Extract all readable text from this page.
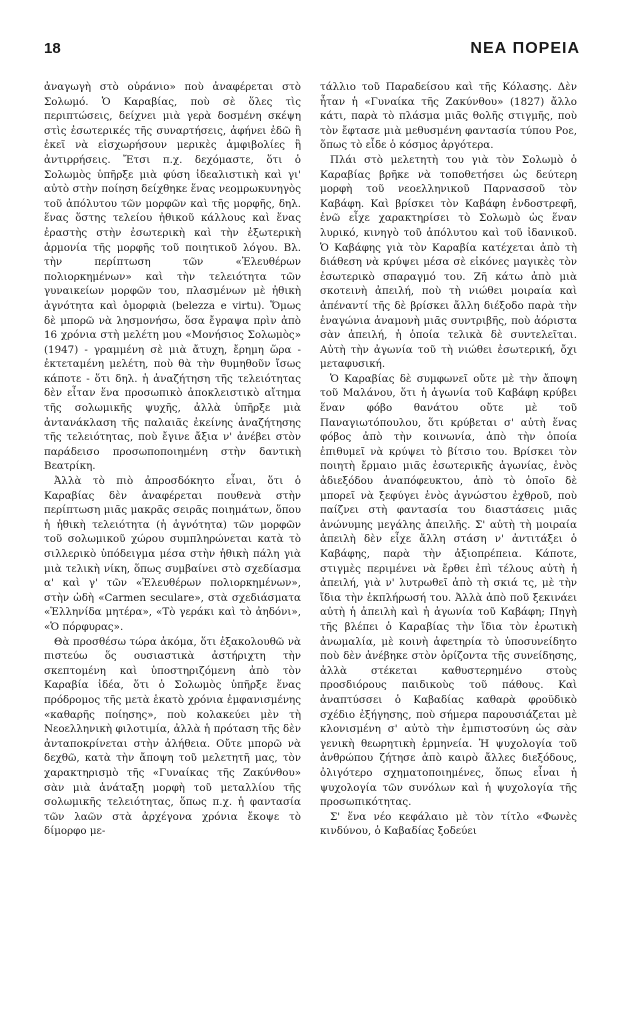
18	ΝΕΑ ΠΟΡΕΙΑ

ἀναγωγὴ στὸ οὐράνιο» ποὺ ἀναφέρεται στὸ Σολωμό. Ὁ Καραβίας, ποὺ σὲ ὅλες τὶς περιπτώσεις, δείχνει μιὰ γερὰ δοσμένη σκέψη στὶς ἐσωτερικές τῆς συναρτήσεις, ἀφήνει ἐδῶ ἢ ἐκεῖ νὰ εἰσχωρήσουν μερικὲς ἀμφιβολίες ἢ ἀντιρρήσεις. Ἔτσι π.χ. δεχόμαστε, ὅτι ὁ Σολωμὸς ὑπῆρξε μιὰ φύση ἰδεαλιστικὴ καὶ γι' αὐτὸ στὴν ποίηση δείχθηκε ἕνας νεομρωκυνηγὸς τοῦ ἀπόλυτου τῶν μορφῶν καὶ τῆς μορφῆς, δηλ. ἕνας ὅστης τελείου ἠθικοῦ κάλλους καὶ ἕνας ἐραστὴς στὴν ἐσωτερικὴ καὶ τὴν ἐξωτερικὴ ἁρμονία τῆς μορφῆς τοῦ ποιητικοῦ λόγου. Βλ. τὴν περίπτωση τῶν «Ἐλευθέρων πολιορκημένων» καὶ τὴν τελειότητα τῶν γυναικείων μορφῶν του, πλασμένων μὲ ἠθικὴ ἁγνότητα καὶ ὁμορφιὰ (belezza e virtu). Ὅμως δὲ μπορῶ νὰ λησμονήσω, ὅσα ἔγραψα πρὶν ἀπὸ 16 χρόνια στὴ μελέτη μου «Μονήσιος Σολωμὸς» (1947) - γραμμένη σὲ μιὰ ἄτυχη, ἔρημη ὥρα - ἐκτεταμένη μελέτη, ποὺ θὰ τὴν θυμηθοῦν ἴσως κάποτε - ὅτι δηλ. ἡ ἀναζήτηση τῆς τελειότητας δὲν εἶταν ἕνα προσωπικὸ ἀποκλειστικὸ αἴτημα τῆς σολωμικῆς ψυχῆς, ἀλλὰ ὑπῆρξε μιὰ ἀντανάκλαση τῆς παλαιᾶς ἐκείνης ἀναζήτησης τῆς τελειότητας, ποὺ ἔγινε ἄξια ν' ἀνέβει στὸν παράδεισο προσωποποιημένη στὴν δαντικὴ Βεατρίκη.

Ἀλλὰ τὸ πιὸ ἀπροσδόκητο εἶναι, ὅτι ὁ Καραβίας δὲν ἀναφέρεται πουθενὰ στὴν περίπτωση μιᾶς μακρᾶς σειρᾶς ποιημάτων, ὅπου ἡ ἠθικὴ τελειότητα (ἡ ἁγνότητα) τῶν μορφῶν τοῦ σολωμικοῦ χώρου συμπληρώνεται κατὰ τὸ σιλλερικὸ ὑπόδειγμα μέσα στὴν ἠθικὴ πάλη γιὰ μιὰ τελικὴ νίκη, ὅπως συμβαίνει στὸ σχεδίασμα α' καὶ γ' τῶν «Ἐλευθέρων πολιορκημένων», στὴν ὠδὴ «Carmen seculare», στὰ σχεδιάσματα «Ἑλληνίδα μητέρα», «Τὸ γεράκι καὶ τὸ ἀηδόνι», «Ὁ πόρφυρας».

Θὰ προσθέσω τώρα ἀκόμα, ὅτι ἐξακολουθῶ νὰ πιστεύω ὅς ουσιαστικὰ ἀστήριχτη τὴν σκεπτομένη καὶ ὑποστηριζόμενη ἀπὸ τὸν Καραβία ἰδέα, ὅτι ὁ Σολωμὸς ὑπῆρξε ἕνας πρόδρομος τῆς μετὰ ἑκατὸ χρόνια ἐμφανισμένης «καθαρῆς ποίησης», ποὺ κολακεύει μὲν τὴ Νεοελληνικὴ φιλοτιμία, ἀλλὰ ἡ πρόταση τῆς δὲν ἀνταποκρίνεται στὴν ἀλήθεια. Οὔτε μπορῶ νὰ δεχθῶ, κατὰ τὴν ἄποψη τοῦ μελετητῆ μας, τὸν χαρακτηρισμὸ τῆς «Γυναίκας τῆς Ζακύνθου» σὰν μιὰ ἀνάταξη μορφὴ τοῦ μεταλλίου τῆς σολωμικῆς τελειότητας, ὅπως π.χ. ἡ φαντασία τῶν λαῶν στὰ ἀρχέγονα χρόνια ἔκοψε τὸ δίμορφο με-

τάλλιο τοῦ Παραδείσου καὶ τῆς Κόλασης. Δὲν ἦταν ἡ «Γυναίκα τῆς Ζακύνθου» (1827) ἄλλο κάτι, παρὰ τὸ πλάσμα μιᾶς θολῆς στιγμῆς, ποὺ τὸν ἔφτασε μιὰ μεθυσμένη φαντασία τύπου Ροε, ὅπως τὸ εἶδε ὁ κόσμος ἀργότερα.

Πλάι στὸ μελετητὴ του γιὰ τὸν Σολωμὸ ὁ Καραβίας βρῆκε νὰ τοποθετήσει ὡς δεύτερη μορφὴ τοῦ νεοελληνικοῦ Παρνασσοῦ τὸν Καβάφη. Καὶ βρίσκει τὸν Καβάφη ἐνδοστρεφῆ, ἐνῶ εἶχε χαρακτηρίσει τὸ Σολωμὸ ὡς ἕναν λυρικό, κινηγὸ τοῦ ἀπόλυτου καὶ τοῦ ἰδανικοῦ. Ὁ Καβάφης γιὰ τὸν Καραβία κατέχεται ἀπὸ τὴ διάθεση νὰ κρύψει μέσα σὲ εἰκόνες μαγικὲς τὸν ἐσωτερικὸ σπαραγμό του. Ζῆ κάτω ἀπὸ μιὰ σκοτεινὴ ἀπειλή, ποὺ τὴ νιώθει μοιραία καὶ ἀπέναντί τῆς δὲ βρίσκει ἄλλη διέξοδο παρὰ τὴν ἐναγώνια ἀναμονὴ μιᾶς συντριβῆς, ποὺ ἀόριστα σὰν ἀπειλή, ἡ ὁποία τελικὰ δὲ συντελεῖται. Αὐτὴ τὴν ἀγωνία τοῦ τὴ νιώθει ἐσωτερική, ὄχι μεταφυσική.

Ὁ Καραβίας δὲ συμφωνεῖ οὔτε μὲ τὴν ἄποψη τοῦ Μαλάνου, ὅτι ἡ ἀγωνία τοῦ Καβάφη κρύβει ἕναν φόβο θανάτου οὔτε μὲ τοῦ Παναγιωτόπουλου, ὅτι κρύβεται σ' αὐτὴ ἕνας φόβος ἀπὸ τὴν κοινωνία, ἀπὸ τὴν ὁποία ἐπιθυμεῖ νὰ κρύψει τὸ βίτσιο του. Βρίσκει τὸν ποιητὴ ἔρμαιο μιᾶς ἐσωτερικῆς ἀγωνίας, ἑνὸς ἀδιεξόδου ἀναπόφευκτου, ἀπὸ τὸ ὁποῖο δὲ μπορεῖ νὰ ξεφύγει ἑνὸς ἀγνώστου ἐχθροῦ, ποὺ παίζνει στὴ φαντασία του διαστάσεις μιᾶς ἀνώνυμης μεγάλης ἀπειλῆς. Σ' αὐτὴ τὴ μοιραία ἀπειλὴ δὲν εἶχε ἄλλη στάση ν' ἀντιτάξει ὁ Καβάφης, παρὰ τὴν ἀξιοπρέπεια. Κάποτε, στιγμὲς περιμένει νὰ ἔρθει ἐπὶ τέλους αὐτὴ ἡ ἀπειλή, γιὰ ν' λυτρωθεῖ ἀπὸ τὴ σκιά τς, μὲ τὴν ἴδια τὴν ἐκπλήρωσή του. Ἀλλὰ ἀπὸ ποῦ ξεκινάει αὐτὴ ἡ ἀπειλὴ καὶ ἡ ἀγωνία τοῦ Καβάφη; Πηγὴ τῆς βλέπει ὁ Καραβίας τὴν ἴδια τὸν ἐρωτικὴ ἀνωμαλία, μὲ κοινὴ ἀφετηρία τὸ ὑποσυνείδητο ποὺ δὲν ἀνέβηκε στὸν ὁρίζοντα τῆς συνείδησης, ἀλλὰ στέκεται καθυστερημένο στοὺς προσδιόρους παιδικοὺς τοῦ πάθους. Καὶ ἀναπτύσσει ὁ Καβαδίας καθαρὰ φροϋδικὸ σχέδιο ἐξήγησης, ποὺ σήμερα παρουσιάζεται μὲ κλονισμένη σ' αὐτὸ τὴν ἐμπιστοσύνη ὡς σὰν γενικὴ θεωρητικὴ ἑρμηνεία. Ἡ ψυχολογία τοῦ ἀνθρώπου ζήτησε ἀπὸ καιρὸ ἄλλες διεξόδους, ὀλιγότερο σχηματοποιημένες, ὅπως εἶναι ἡ ψυχολογία τῶν συνόλων καὶ ἡ ψυχολογία τῆς προσωπικότητας.

Σ' ἕνα νέο κεφάλαιο μὲ τὸν τίτλο «Φωνὲς κινδύνου, ὁ Καβαδίας ξοδεύει
